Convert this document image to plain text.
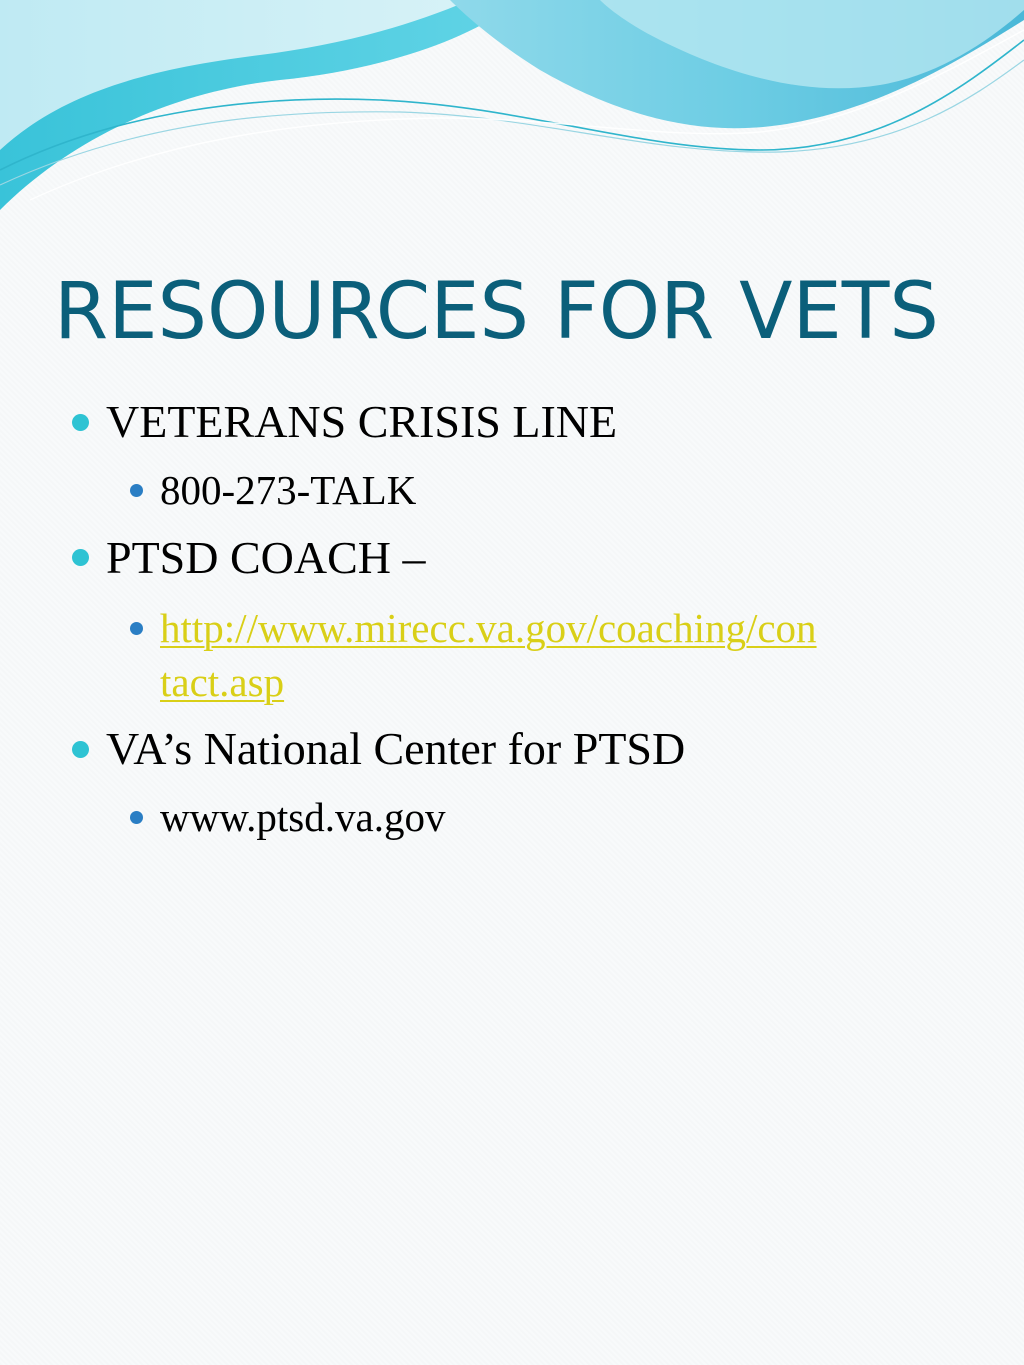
RESOURCES FOR VETS
VETERANS CRISIS LINE
800-273-TALK
PTSD COACH –
http://www.mirecc.va.gov/coaching/con
tact.asp
VA’s National Center for PTSD
www.ptsd.va.gov
